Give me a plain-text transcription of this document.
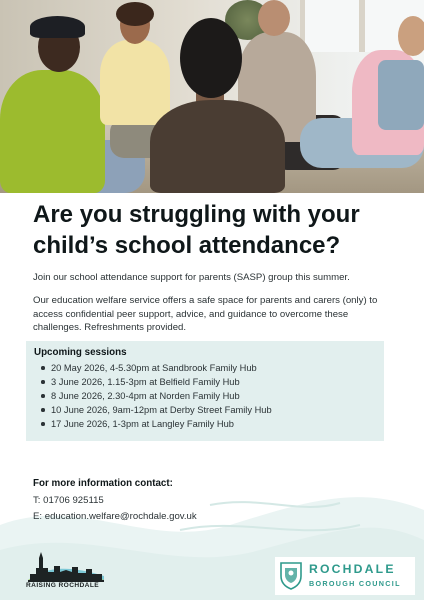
Are you struggling with your child’s school attendance?

Join our school attendance support for parents (SASP) group this summer.

Our education welfare service offers a safe space for parents and carers (only) to access confidential peer support, advice, and guidance to overcome these challenges. Refreshments provided.

Upcoming sessions
20 May 2026, 4-5.30pm at Sandbrook Family Hub
3 June 2026, 1.15-3pm at Belfield Family Hub
8 June 2026, 2.30-4pm at Norden Family Hub
10 June 2026, 9am-12pm at Derby Street Family Hub
17 June 2026, 1-3pm at Langley Family Hub
For more information contact:

T: 01706 925115

E: education.welfare@rochdale.gov.uk

RAISING ROCHDALE

ROCHDALE

BOROUGH COUNCIL
